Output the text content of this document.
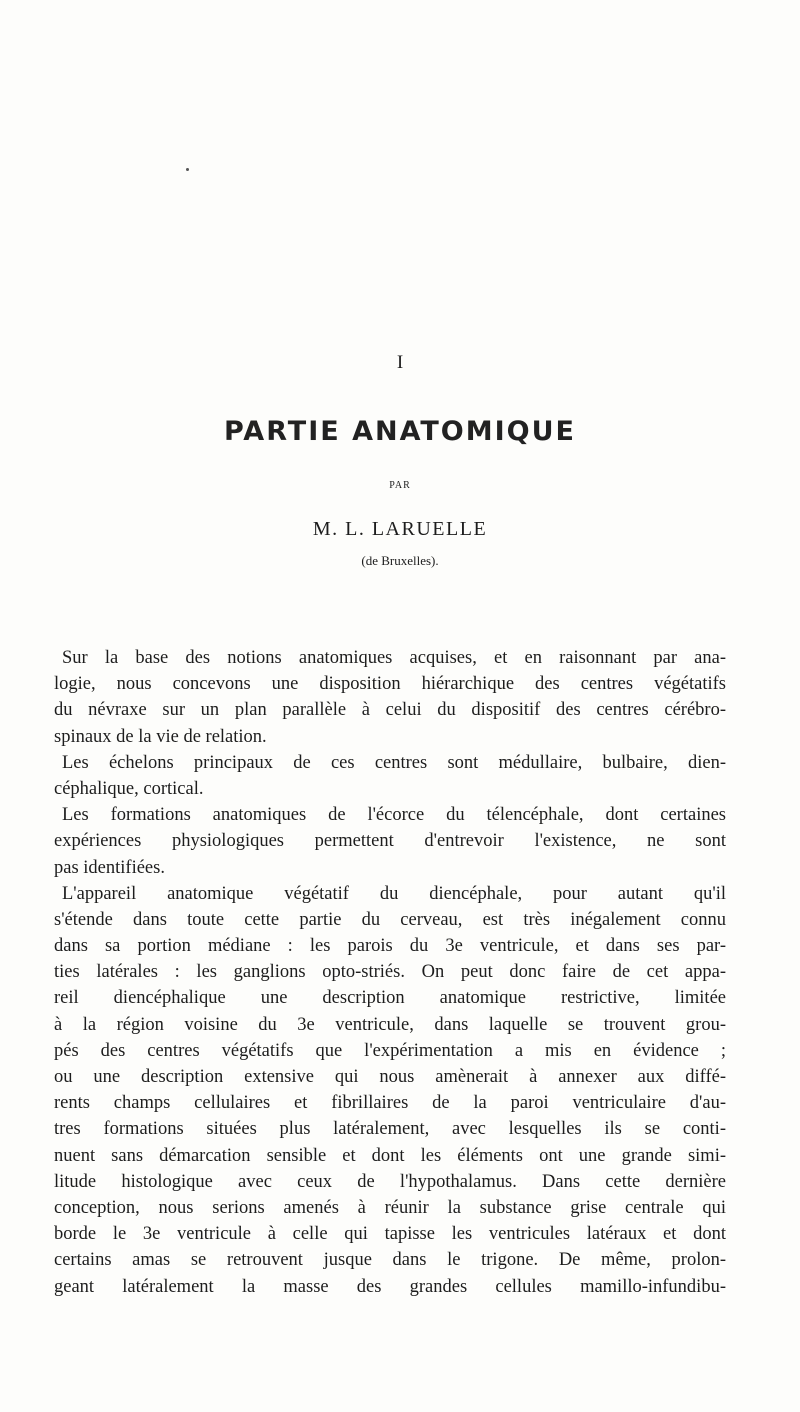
I
PARTIE ANATOMIQUE
PAR
M. L. LARUELLE
(de Bruxelles).
Sur la base des notions anatomiques acquises, et en raisonnant par ana-
logie, nous concevons une disposition hiérarchique des centres végétatifs
du névraxe sur un plan parallèle à celui du dispositif des centres cérébro-
spinaux de la vie de relation.
Les échelons principaux de ces centres sont médullaire, bulbaire, dien-
céphalique, cortical.
Les formations anatomiques de l'écorce du télencéphale, dont certaines
expériences physiologiques permettent d'entrevoir l'existence, ne sont
pas identifiées.
L'appareil anatomique végétatif du diencéphale, pour autant qu'il
s'étende dans toute cette partie du cerveau, est très inégalement connu
dans sa portion médiane : les parois du 3e ventricule, et dans ses par-
ties latérales : les ganglions opto-striés. On peut donc faire de cet appa-
reil diencéphalique une description anatomique restrictive, limitée
à la région voisine du 3e ventricule, dans laquelle se trouvent grou-
pés des centres végétatifs que l'expérimentation a mis en évidence ;
ou une description extensive qui nous amènerait à annexer aux diffé-
rents champs cellulaires et fibrillaires de la paroi ventriculaire d'au-
tres formations situées plus latéralement, avec lesquelles ils se conti-
nuent sans démarcation sensible et dont les éléments ont une grande simi-
litude histologique avec ceux de l'hypothalamus. Dans cette dernière
conception, nous serions amenés à réunir la substance grise centrale qui
borde le 3e ventricule à celle qui tapisse les ventricules latéraux et dont
certains amas se retrouvent jusque dans le trigone. De même, prolon-
geant latéralement la masse des grandes cellules mamillo-infundibu-
